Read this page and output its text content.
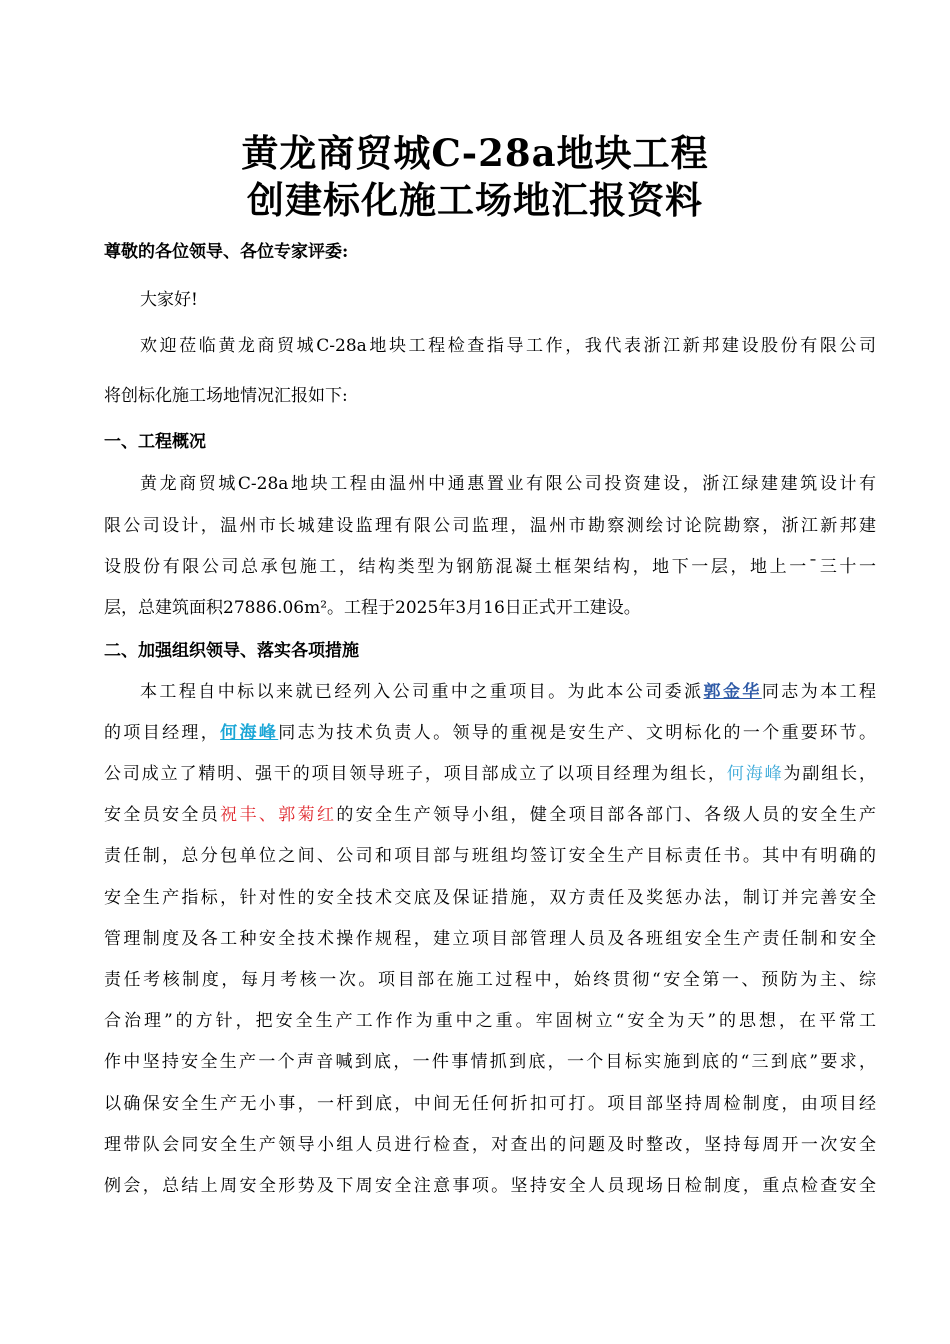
黄龙商贸城C-28a地块工程
创建标化施工场地汇报资料
尊敬的各位领导、各位专家评委:
大家好!
欢迎莅临黄龙商贸城C-28a地块工程检查指导工作，我代表浙江新邦建设股份有限公司
将创标化施工场地情况汇报如下:
一、工程概况
黄龙商贸城C-28a地块工程由温州中通惠置业有限公司投资建设，浙江绿建建筑设计有
限公司设计，温州市长城建设监理有限公司监理，温州市勘察测绘讨论院勘察，浙江新邦建
设股份有限公司总承包施工，结构类型为钢筋混凝土框架结构，地下一层，地上一¯三十一
层，总建筑面积27886.06m²。工程于2025年3月16日正式开工建设。
二、加强组织领导、落实各项措施
本工程自中标以来就已经列入公司重中之重项目。为此本公司委派郭金华同志为本工程
的项目经理，何海峰同志为技术负责人。领导的重视是安生产、文明标化的一个重要环节。
公司成立了精明、强干的项目领导班子，项目部成立了以项目经理为组长，何海峰为副组长，
安全员安全员祝丰、郭菊红的安全生产领导小组，健全项目部各部门、各级人员的安全生产
责任制，总分包单位之间、公司和项目部与班组均签订安全生产目标责任书。其中有明确的
安全生产指标，针对性的安全技术交底及保证措施，双方责任及奖惩办法，制订并完善安全
管理制度及各工种安全技术操作规程，建立项目部管理人员及各班组安全生产责任制和安全
责任考核制度，每月考核一次。项目部在施工过程中，始终贯彻“安全第一、预防为主、综
合治理”的方针，把安全生产工作作为重中之重。牢固树立“安全为天”的思想，在平常工
作中坚持安全生产一个声音喊到底，一件事情抓到底，一个目标实施到底的“三到底”要求，
以确保安全生产无小事，一杆到底，中间无任何折扣可打。项目部坚持周检制度，由项目经
理带队会同安全生产领导小组人员进行检查，对查出的问题及时整改，坚持每周开一次安全
例会，总结上周安全形势及下周安全注意事项。坚持安全人员现场日检制度，重点检查安全
